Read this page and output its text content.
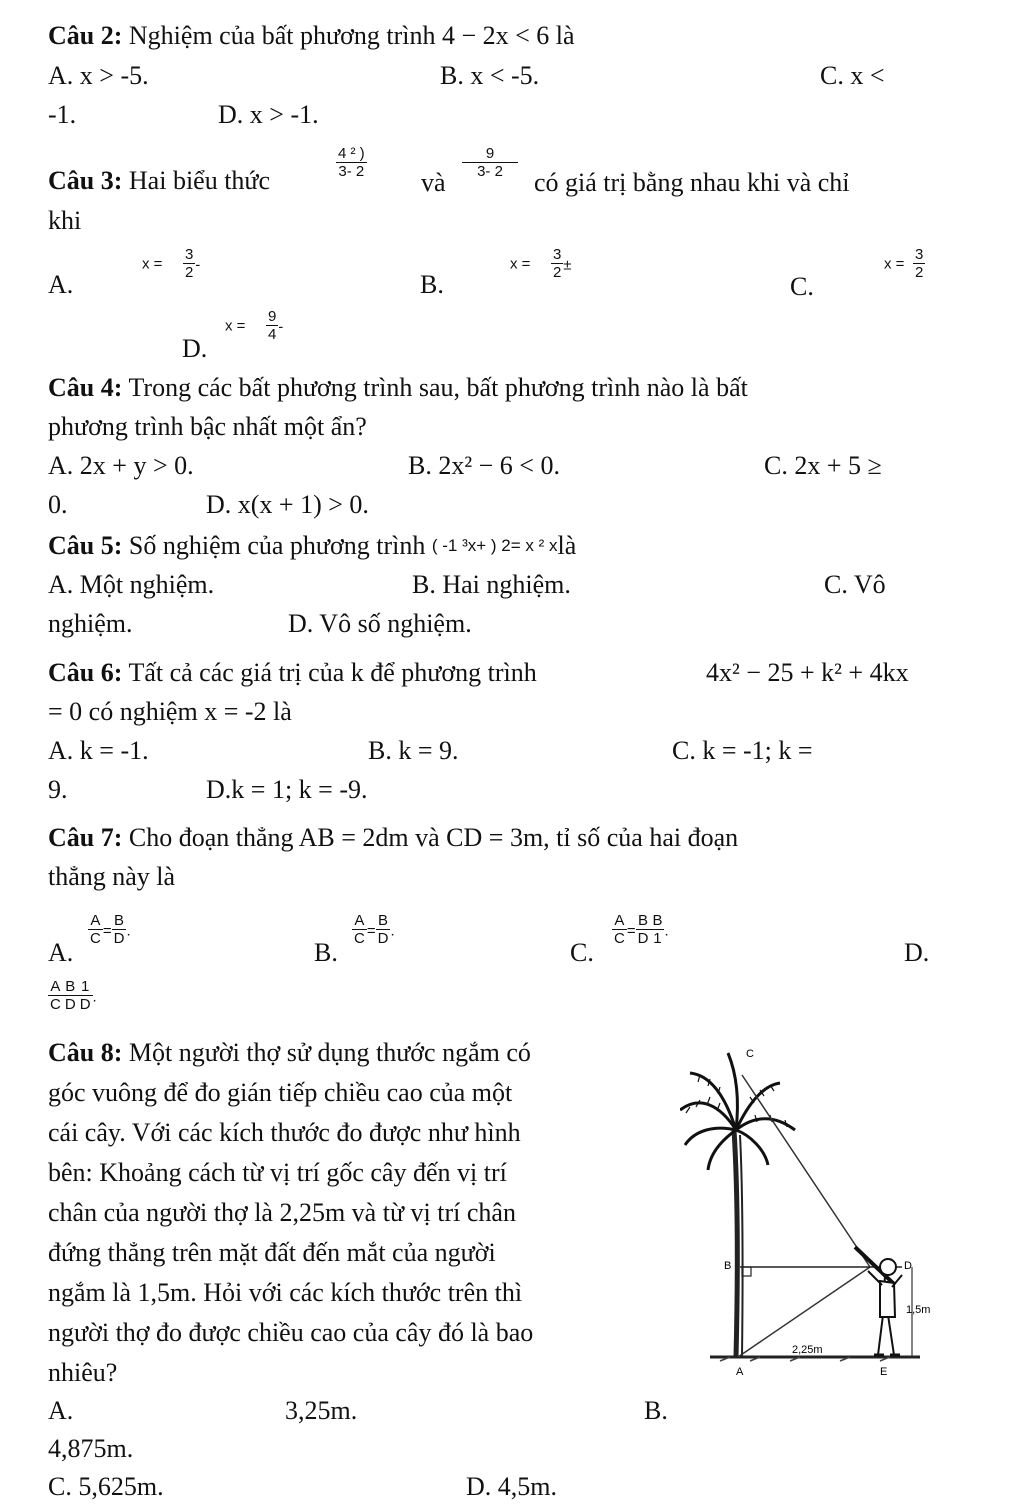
Câu 2: Nghiệm của bất phương trình 4 − 2x < 6 là
A. x > -5.	B. x < -5.	C. x <
-1.	D. x > -1.
Câu 3: Hai biểu thức	$\frac{\text{4 ² )}}{3- 2}$
và
$\frac{9}{3- 2}$
có giá trị bằng nhau khi và chỉ
khi
A.
$x = \frac{3}{2}$ -
B.
$x = \frac{3}{2}$ ±
C.
$x = \frac{3}{2}$
D.
$x = \frac{9}{4}$ -
Câu 4: Trong các bất phương trình sau, bất phương trình nào là bất
phương trình bậc nhất một ẩn?
A. 2x + y > 0.	B. 2x² − 6 < 0.	C. 2x + 5 ≥
0.	D. x(x + 1) > 0.
Câu 5: Số nghiệm của phương trình ( -1 ³x+ ) 2= x ² xlà
A. Một nghiệm.	B. Hai nghiệm.	C. Vô
nghiệm.	D. Vô số nghiệm.
Câu 6: Tất cả các giá trị của k để phương trình	4x² − 25 + k² + 4kx
= 0 có nghiệm x = -2 là
A. k = -1.	B. k = 9.	C. k = -1; k =
9.	D.k = 1; k = -9.
Câu 7: Cho đoạn thẳng AB = 2dm và CD = 3m, tỉ số của hai đoạn
thẳng này là
A.
$\frac{A}{C} = \frac{B}{D}$ .
B.
$\frac{A}{C} = \frac{B}{D}$ .
C.
$\frac{A}{C} = \frac{B}{D} \frac{B}{1}$ .
D.
$\frac{A}{C} \frac{B}{D} \frac{1}{D}$ .
Câu 8: Một người thợ sử dụng thước ngắm có
góc vuông để đo gián tiếp chiều cao của một
cái cây. Với các kích thước đo được như hình
bên: Khoảng cách từ vị trí gốc cây đến vị trí
chân của người thợ là 2,25m và từ vị trí chân
đứng thẳng trên mặt đất đến mắt của người
ngắm là 1,5m. Hỏi với các kích thước trên thì
người thợ đo được chiều cao của cây đó là bao
nhiêu?
C
B	D
1,5m
2,25m
A	E
A.	3,25m.	B.
4,875m.
C. 5,625m.	D. 4,5m.
